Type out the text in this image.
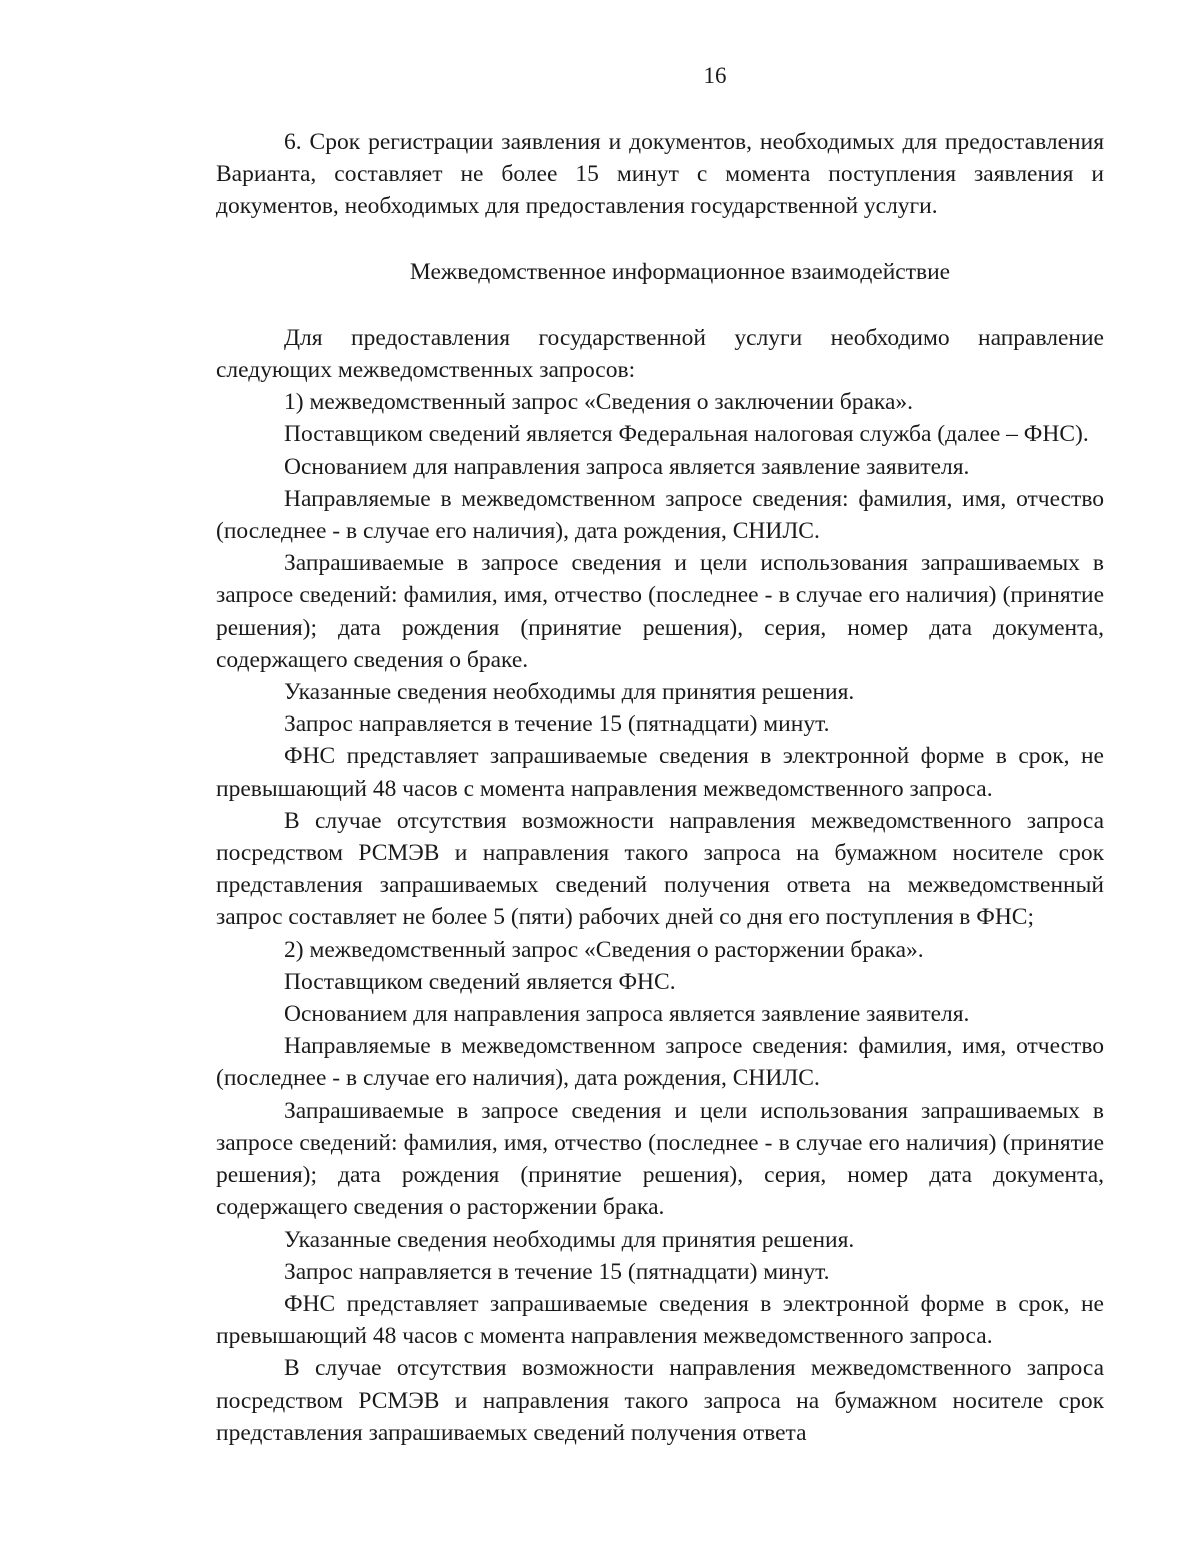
16

6. Срок регистрации заявления и документов, необходимых для предоставления Варианта, составляет не более 15 минут с момента поступления заявления и документов, необходимых для предоставления государственной услуги.

Межведомственное информационное взаимодействие

Для предоставления государственной услуги необходимо направление следующих межведомственных запросов:

1) межведомственный запрос «Сведения о заключении брака».

Поставщиком сведений является Федеральная налоговая служба (далее – ФНС).

Основанием для направления запроса является заявление заявителя.

Направляемые в межведомственном запросе сведения: фамилия, имя, отчество (последнее - в случае его наличия), дата рождения, СНИЛС.

Запрашиваемые в запросе сведения и цели использования запрашиваемых в запросе сведений: фамилия, имя, отчество (последнее - в случае его наличия) (принятие решения); дата рождения (принятие решения), серия, номер дата документа, содержащего сведения о браке.

Указанные сведения необходимы для принятия решения.

Запрос направляется в течение 15 (пятнадцати) минут.

ФНС представляет запрашиваемые сведения в электронной форме в срок, не превышающий 48 часов с момента направления межведомственного запроса.

В случае отсутствия возможности направления межведомственного запроса посредством РСМЭВ и направления такого запроса на бумажном носителе срок представления запрашиваемых сведений получения ответа на межведомственный запрос составляет не более 5 (пяти) рабочих дней со дня его поступления в ФНС;

2) межведомственный запрос «Сведения о расторжении брака».

Поставщиком сведений является ФНС.

Основанием для направления запроса является заявление заявителя.

Направляемые в межведомственном запросе сведения: фамилия, имя, отчество (последнее - в случае его наличия), дата рождения, СНИЛС.

Запрашиваемые в запросе сведения и цели использования запрашиваемых в запросе сведений: фамилия, имя, отчество (последнее - в случае его наличия) (принятие решения); дата рождения (принятие решения), серия, номер дата документа, содержащего сведения о расторжении брака.

Указанные сведения необходимы для принятия решения.

Запрос направляется в течение 15 (пятнадцати) минут.

ФНС представляет запрашиваемые сведения в электронной форме в срок, не превышающий 48 часов с момента направления межведомственного запроса.

В случае отсутствия возможности направления межведомственного запроса посредством РСМЭВ и направления такого запроса на бумажном носителе срок представления запрашиваемых сведений получения ответа
